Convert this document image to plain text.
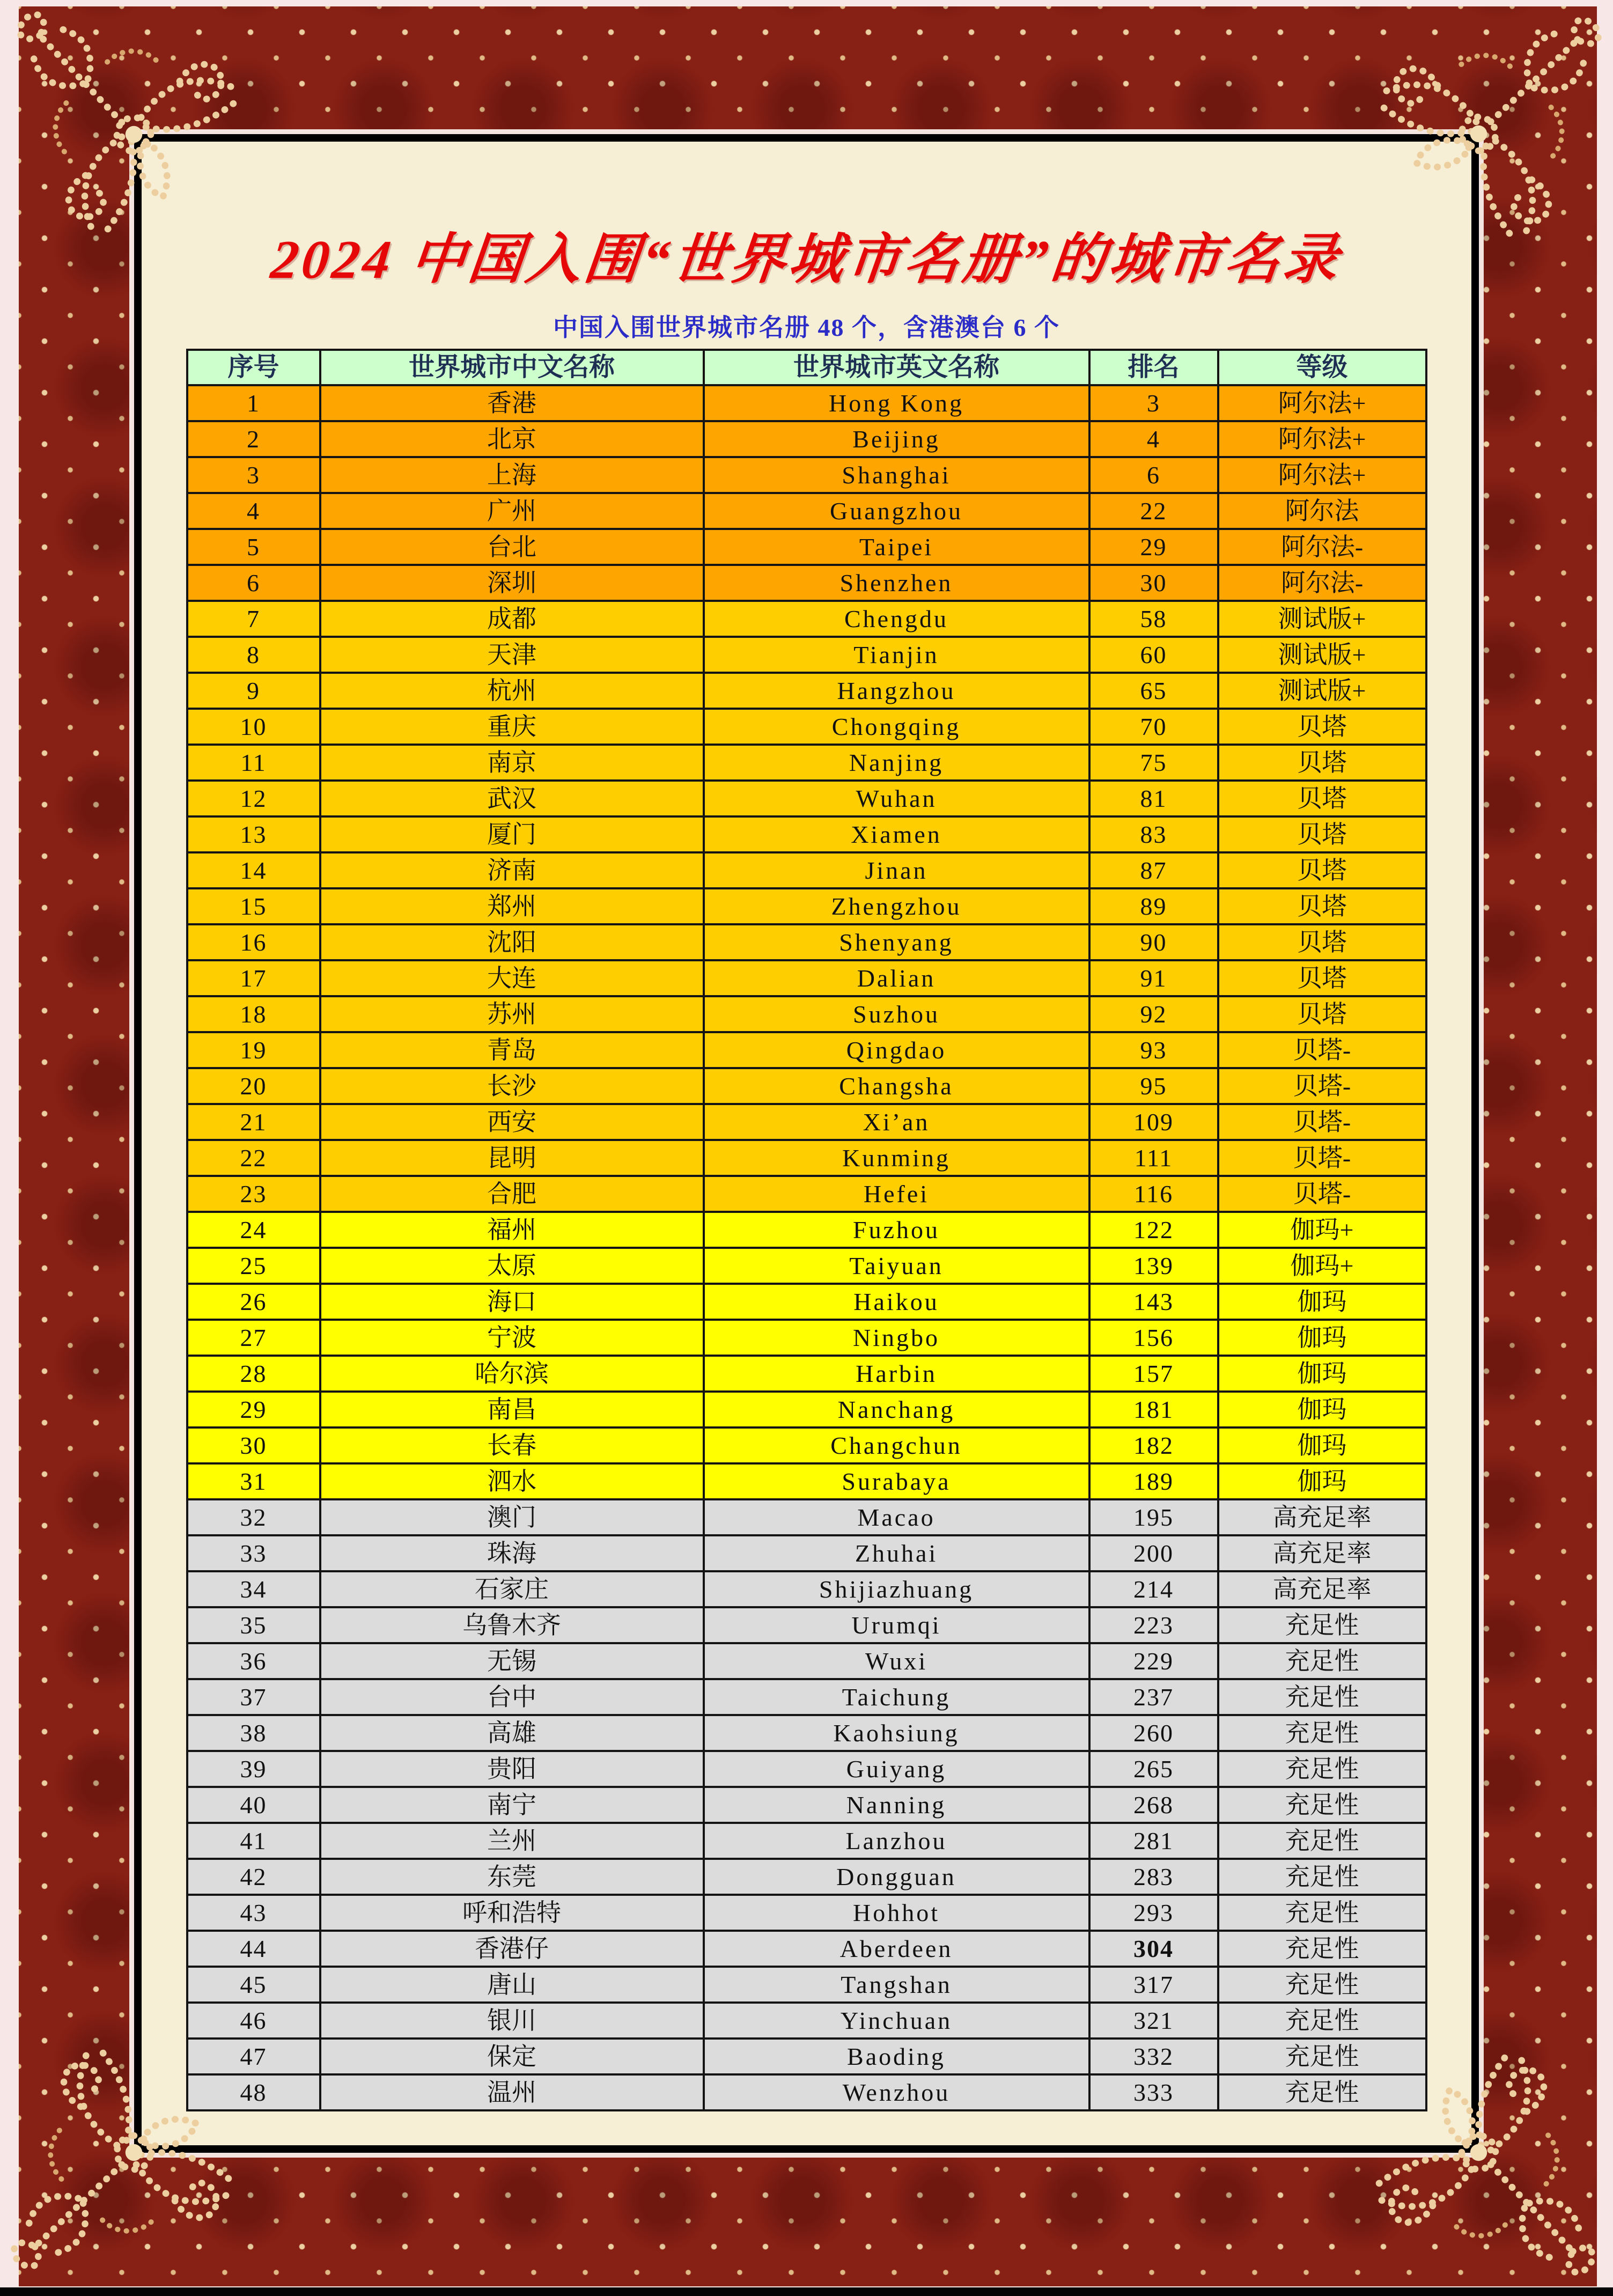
2024 中国入围“世界城市名册”的城市名录
中国入围世界城市名册 48 个，含港澳台 6 个
序号	世界城市中文名称	世界城市英文名称	排名	等级
1	香港	Hong Kong	3	阿尔法+
2	北京	Beijing	4	阿尔法+
3	上海	Shanghai	6	阿尔法+
4	广州	Guangzhou	22	阿尔法
5	台北	Taipei	29	阿尔法-
6	深圳	Shenzhen	30	阿尔法-
7	成都	Chengdu	58	测试版+
8	天津	Tianjin	60	测试版+
9	杭州	Hangzhou	65	测试版+
10	重庆	Chongqing	70	贝塔
11	南京	Nanjing	75	贝塔
12	武汉	Wuhan	81	贝塔
13	厦门	Xiamen	83	贝塔
14	济南	Jinan	87	贝塔
15	郑州	Zhengzhou	89	贝塔
16	沈阳	Shenyang	90	贝塔
17	大连	Dalian	91	贝塔
18	苏州	Suzhou	92	贝塔
19	青岛	Qingdao	93	贝塔-
20	长沙	Changsha	95	贝塔-
21	西安	Xi’an	109	贝塔-
22	昆明	Kunming	111	贝塔-
23	合肥	Hefei	116	贝塔-
24	福州	Fuzhou	122	伽玛+
25	太原	Taiyuan	139	伽玛+
26	海口	Haikou	143	伽玛
27	宁波	Ningbo	156	伽玛
28	哈尔滨	Harbin	157	伽玛
29	南昌	Nanchang	181	伽玛
30	长春	Changchun	182	伽玛
31	泗水	Surabaya	189	伽玛
32	澳门	Macao	195	高充足率
33	珠海	Zhuhai	200	高充足率
34	石家庄	Shijiazhuang	214	高充足率
35	乌鲁木齐	Urumqi	223	充足性
36	无锡	Wuxi	229	充足性
37	台中	Taichung	237	充足性
38	高雄	Kaohsiung	260	充足性
39	贵阳	Guiyang	265	充足性
40	南宁	Nanning	268	充足性
41	兰州	Lanzhou	281	充足性
42	东莞	Dongguan	283	充足性
43	呼和浩特	Hohhot	293	充足性
44	香港仔	Aberdeen	304	充足性
45	唐山	Tangshan	317	充足性
46	银川	Yinchuan	321	充足性
47	保定	Baoding	332	充足性
48	温州	Wenzhou	333	充足性
